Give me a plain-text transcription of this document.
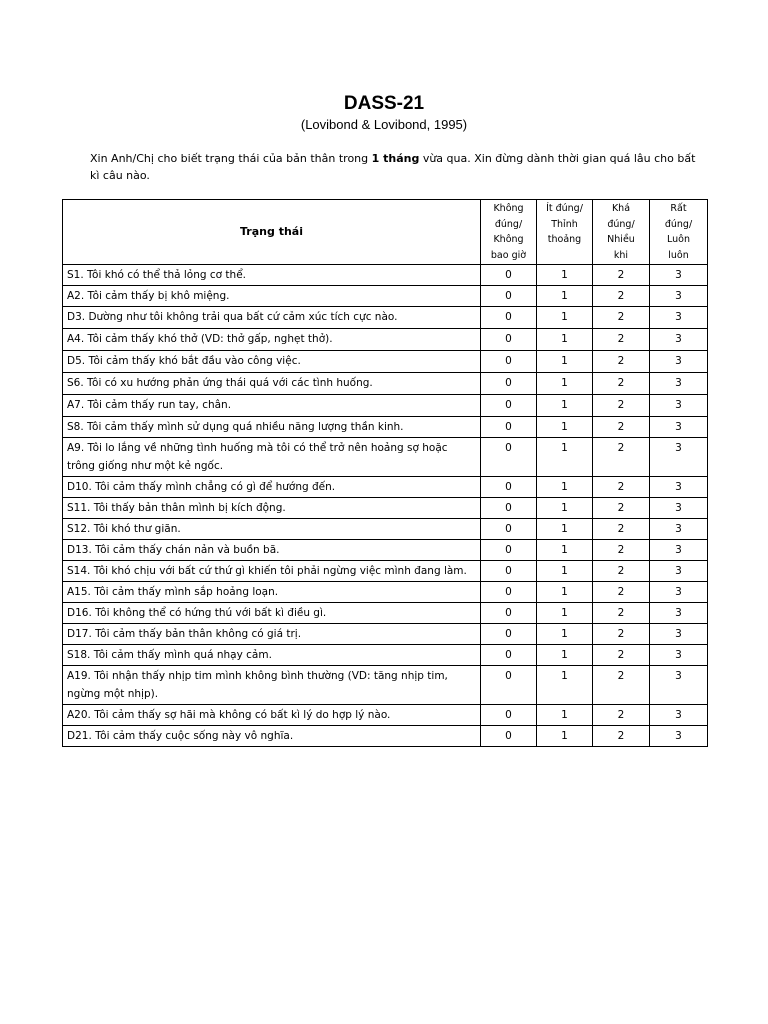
DASS-21
(Lovibond & Lovibond, 1995)
Xin Anh/Chị cho biết trạng thái của bản thân trong 1 tháng vừa qua. Xin đừng dành thời gian quá lâu cho bất kì câu nào.
Trạng thái	Không
đúng/
Không
bao giờ	Ít đúng/
Thỉnh
thoảng	Khá
đúng/
Nhiều
khi	Rất
đúng/
Luôn
luôn
S1. Tôi khó có thể thả lỏng cơ thể.	0	1	2	3
A2. Tôi cảm thấy bị khô miệng.	0	1	2	3
D3. Dường như tôi không trải qua bất cứ cảm xúc tích cực nào.	0	1	2	3
A4. Tôi cảm thấy khó thở (VD: thở gấp, nghẹt thở).	0	1	2	3
D5. Tôi cảm thấy khó bắt đầu vào công việc.	0	1	2	3
S6. Tôi có xu hướng phản ứng thái quá với các tình huống.	0	1	2	3
A7. Tôi cảm thấy run tay, chân.	0	1	2	3
S8. Tôi cảm thấy mình sử dụng quá nhiều năng lượng thần kinh.	0	1	2	3
A9. Tôi lo lắng về những tình huống mà tôi có thể trở nên hoảng sợ hoặc trông giống như một kẻ ngốc.	0	1	2	3
D10. Tôi cảm thấy mình chẳng có gì để hướng đến.	0	1	2	3
S11. Tôi thấy bản thân mình bị kích động.	0	1	2	3
S12. Tôi khó thư giãn.	0	1	2	3
D13. Tôi cảm thấy chán nản và buồn bã.	0	1	2	3
S14. Tôi khó chịu với bất cứ thứ gì khiến tôi phải ngừng việc mình đang làm.	0	1	2	3
A15. Tôi cảm thấy mình sắp hoảng loạn.	0	1	2	3
D16. Tôi không thể có hứng thú với bất kì điều gì.	0	1	2	3
D17. Tôi cảm thấy bản thân không có giá trị.	0	1	2	3
S18. Tôi cảm thấy mình quá nhạy cảm.	0	1	2	3
A19. Tôi nhận thấy nhịp tim mình không bình thường (VD: tăng nhịp tim, ngừng một nhịp).	0	1	2	3
A20. Tôi cảm thấy sợ hãi mà không có bất kì lý do hợp lý nào.	0	1	2	3
D21. Tôi cảm thấy cuộc sống này vô nghĩa.	0	1	2	3
